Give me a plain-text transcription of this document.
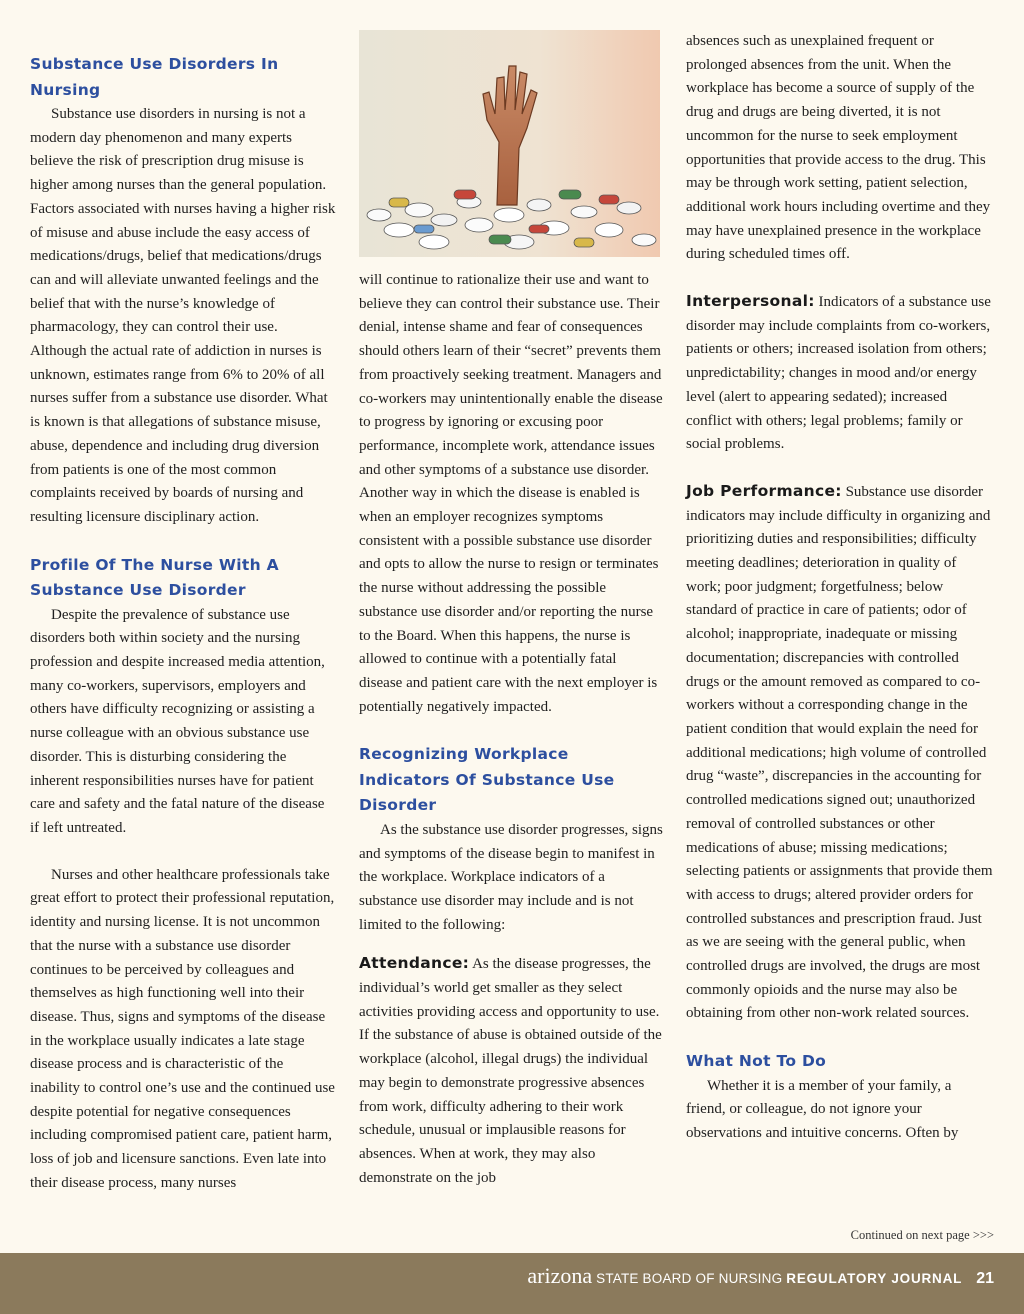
Substance Use Disorders In Nursing

Substance use disorders in nursing is not a modern day phenomenon and many experts believe the risk of prescription drug misuse is higher among nurses than the general population. Factors associated with nurses having a higher risk of misuse and abuse include the easy access of medications/drugs, belief that medications/drugs can and will alleviate unwanted feelings and the belief that with the nurse’s knowledge of pharmacology, they can control their use. Although the actual rate of addiction in nurses is unknown, estimates range from 6% to 20% of all nurses suffer from a substance use disorder. What is known is that allegations of substance misuse, abuse, dependence and including drug diversion from patients is one of the most common complaints received by boards of nursing and resulting licensure disciplinary action.

Profile Of The Nurse With A Substance Use Disorder

Despite the prevalence of substance use disorders both within society and the nursing profession and despite increased media attention, many co-workers, supervisors, employers and others have difficulty recognizing or assisting a nurse colleague with an obvious substance use disorder. This is disturbing considering the inherent responsibilities nurses have for patient care and safety and the fatal nature of the disease if left untreated.

Nurses and other healthcare professionals take great effort to protect their professional reputation, identity and nursing license. It is not uncommon that the nurse with a substance use disorder continues to be perceived by colleagues and themselves as high functioning well into their disease. Thus, signs and symptoms of the disease in the workplace usually indicates a late stage disease process and is characteristic of the inability to control one’s use and the continued use despite potential for negative consequences including compromised patient care, patient harm, loss of job and licensure sanctions. Even late into their disease process, many nurses

will continue to rationalize their use and want to believe they can control their substance use. Their denial, intense shame and fear of consequences should others learn of their “secret” prevents them from proactively seeking treatment. Managers and co-workers may unintentionally enable the disease to progress by ignoring or excusing poor performance, incomplete work, attendance issues and other symptoms of a substance use disorder. Another way in which the disease is enabled is when an employer recognizes symptoms consistent with a possible substance use disorder and opts to allow the nurse to resign or terminates the nurse without addressing the possible substance use disorder and/or reporting the nurse to the Board. When this happens, the nurse is allowed to continue with a potentially fatal disease and patient care with the next employer is potentially negatively impacted.

Recognizing Workplace Indicators Of Substance Use Disorder

As the substance use disorder progresses, signs and symptoms of the disease begin to manifest in the workplace. Workplace indicators of a substance use disorder may include and is not limited to the following:

Attendance: As the disease progresses, the individual’s world get smaller as they select activities providing access and opportunity to use. If the substance of abuse is obtained outside of the workplace (alcohol, illegal drugs) the individual may begin to demonstrate progressive absences from work, difficulty adhering to their work schedule, unusual or implausible reasons for absences. When at work, they may also demonstrate on the job

absences such as unexplained frequent or prolonged absences from the unit. When the workplace has become a source of supply of the drug and drugs are being diverted, it is not uncommon for the nurse to seek employment opportunities that provide access to the drug. This may be through work setting, patient selection, additional work hours including overtime and they may have unexplained presence in the workplace during scheduled times off.

Interpersonal: Indicators of a substance use disorder may include complaints from co-workers, patients or others; increased isolation from others; unpredictability; changes in mood and/or energy level (alert to appearing sedated); increased conflict with others; legal problems; family or social problems.

Job Performance: Substance use disorder indicators may include difficulty in organizing and prioritizing duties and responsibilities; difficulty meeting deadlines; deterioration in quality of work; poor judgment; forgetfulness; below standard of practice in care of patients; odor of alcohol; inappropriate, inadequate or missing documentation; discrepancies with controlled drugs or the amount removed as compared to co-workers without a corresponding change in the patient condition that would explain the need for additional medications; high volume of controlled drug “waste”, discrepancies in the accounting for controlled medications signed out; unauthorized removal of controlled substances or other medications of abuse; missing medications; selecting patients or assignments that provide them with access to drugs; altered provider orders for controlled substances and prescription fraud. Just as we are seeing with the general public, when controlled drugs are involved, the drugs are most commonly opioids and the nurse may also be obtaining from other non-work related sources.

What Not To Do

Whether it is a member of your family, a friend, or colleague, do not ignore your observations and intuitive concerns. Often by

Continued on next page >>>
arizona STATE BOARD OF NURSING REGULATORY JOURNAL 21
